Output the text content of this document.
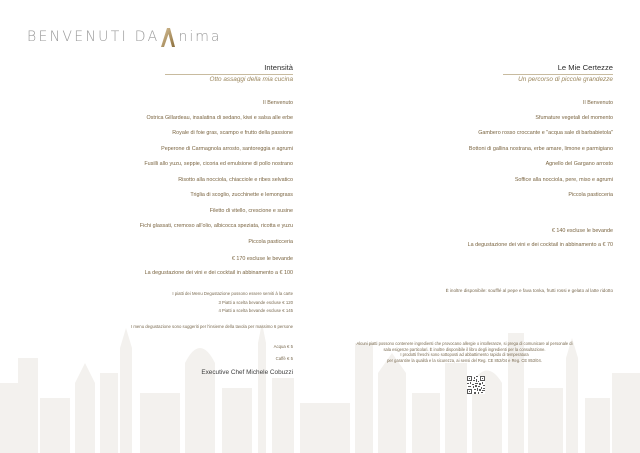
BENVENUTI DA nima
Intensità
Otto assaggi della mia cucina
Il Benvenuto
Ostrica Gillardeau, insalatina di sedano, kiwi e salsa alle erbe
Royale di foie gras, scampo e frutto della passione
Peperone di Carmagnola arrosto, santoreggia e agrumi
Fusilli allo yuzu, seppie, cicoria ed emulsione di pollo nostrano
Risotto alla nocciola, chiacciole e ribes selvatico
Triglia di scoglio, zucchinette e lemongrass
Filetto di vitello, crescione e susine
Fichi glassati, cremoso all'olio, albicocca speziata, ricotta e yuzu
Piccola pasticceria
€ 170 escluse le bevande
La degustazione dei vini e dei cocktail in abbinamento a € 100
I piatti dei Menu Degustazione possono essere serviti à la carte
3 Piatti a scelta bevande escluse € 120
4 Piatti a scelta bevande escluse € 145
I menu degustazione sono suggeriti per l'insieme della tavola per massimo 6 persone
Acqua € 5
Caffè € 5
Executive Chef Michele Cobuzzi
Le Mie Certezze
Un percorso di piccole grandezze
Il Benvenuto
Sfumature vegetali del momento
Gambero rosso croccante e "acqua sale di barbabietola"
Bottoni di gallina nostrana, erbe amare, limone e parmigiano
Agnello del Gargano arrosto
Soffice alla nocciola, pere, miso e agrumi
Piccola pasticceria
€ 140 escluse le bevande
La degustazione dei vini e dei cocktail in abbinamento a € 70
È inoltre disponibile: soufflé al pepe e fava tonka, frutti rossi e gelato al latte ridotto
Alcuni piatti possono contenere ingredienti che provocano allergie o intolleranze, si prega di comunicare al personale di
sala esigenze particolari. È inoltre disponibile il libro degli ingredienti per la consultazione.
I prodotti freschi sono sottoposti ad abbattimento rapido di temperatura
per garantire la qualità e la sicurezza, ai sensi del Reg. CE 852/04 e Reg. CE 853/04.
